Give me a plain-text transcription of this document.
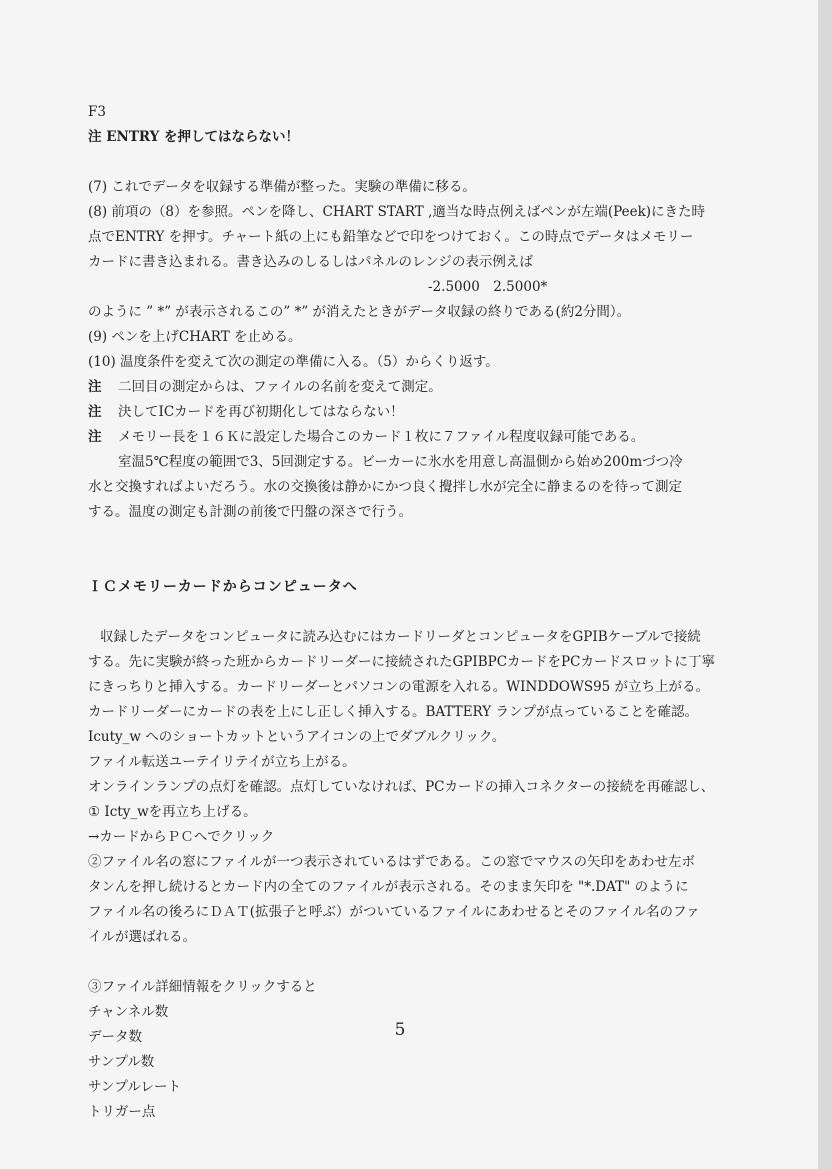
F3
注 ENTRY を押してはならない！
(7) これでデータを収録する準備が整った。実験の準備に移る。
(8) 前項の（8）を参照。ペンを降し、CHART START ,適当な時点例えばペンが左端(Peek)にきた時
点でENTRY を押す。チャート紙の上にも鉛筆などで印をつけておく。この時点でデータはメモリー
カードに書き込まれる。書き込みのしるしはパネルのレンジの表示例えば
-2.5000　2.5000*
のように ” *” が表示されるこの” *” が消えたときがデータ収録の終りである(約2分間）。
(9) ペンを上げCHART を止める。
(10) 温度条件を変えて次の測定の準備に入る。（5）からくり返す。
注 二回目の測定からは、ファイルの名前を変えて測定。
注 決してICカードを再び初期化してはならない！
注 メモリー長を１６Ｋに設定した場合このカード１枚に７ファイル程度収録可能である。
室温5℃程度の範囲で3、5回測定する。ビーカーに氷水を用意し高温側から始め200mづつ冷
水と交換すればよいだろう。水の交換後は静かにかつ良く攪拌し水が完全に静まるのを待って測定
する。温度の測定も計測の前後で円盤の深さで行う。
ＩＣメモリーカードからコンピュータへ
収録したデータをコンピュータに読み込むにはカードリーダとコンピュータをGPIBケーブルで接続
する。先に実験が終った班からカードリーダーに接続されたGPIBPCカードをPCカードスロットに丁寧
にきっちりと挿入する。カードリーダーとパソコンの電源を入れる。WINDDOWS95 が立ち上がる。
カードリーダーにカードの表を上にし正しく挿入する。BATTERY ランプが点っていることを確認。
Icuty_w へのショートカットというアイコンの上でダブルクリック。
ファイル転送ユーテイリテイが立ち上がる。
オンラインランプの点灯を確認。点灯していなければ、PCカードの挿入コネクターの接続を再確認し、
① Icty_wを再立ち上げる。
→カードからＰＣへでクリック
②ファイル名の窓にファイルが一つ表示されているはずである。この窓でマウスの矢印をあわせ左ボ
タンんを押し続けるとカード内の全てのファイルが表示される。そのまま矢印を "*.DAT" のように
ファイル名の後ろにＤＡＴ(拡張子と呼ぶ）がついているファイルにあわせるとそのファイル名のファ
イルが選ばれる。
③ファイル詳細情報をクリックすると
チャンネル数
データ数
サンプル数
サンプルレート
トリガー点
5
